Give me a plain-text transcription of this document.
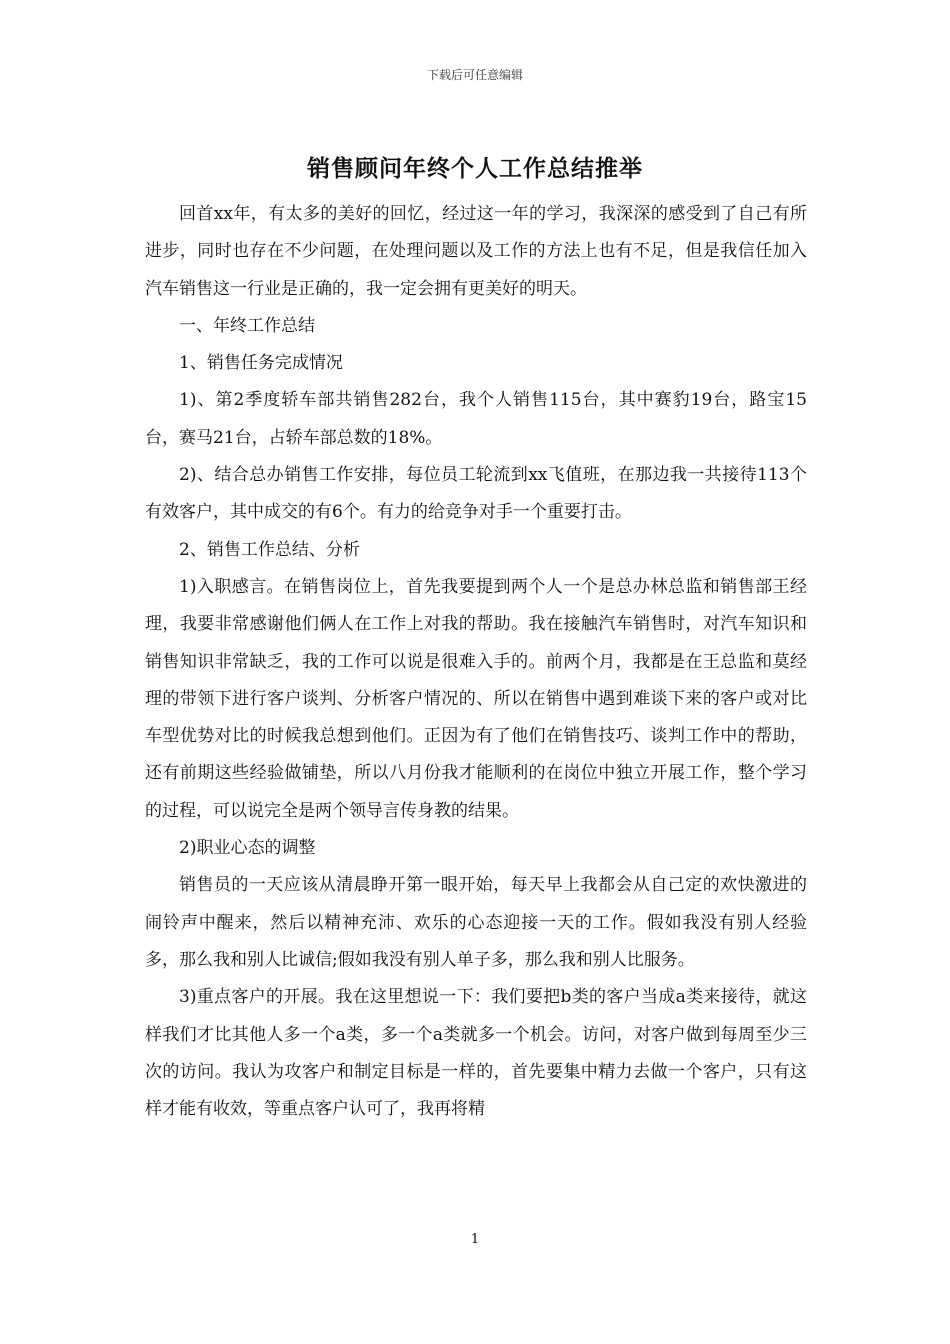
下载后可任意编辑
销售顾问年终个人工作总结推举

回首xx年，有太多的美好的回忆，经过这一年的学习，我深深的感受到了自己有所进步，同时也存在不少问题，在处理问题以及工作的方法上也有不足，但是我信任加入汽车销售这一行业是正确的，我一定会拥有更美好的明天。

一、年终工作总结

1、销售任务完成情况

1)、第2季度轿车部共销售282台，我个人销售115台，其中赛豹19台，路宝15台，赛马21台，占轿车部总数的18%。

2)、结合总办销售工作安排，每位员工轮流到xx飞值班，在那边我一共接待113个有效客户，其中成交的有6个。有力的给竞争对手一个重要打击。

2、销售工作总结、分析

1)入职感言。在销售岗位上，首先我要提到两个人一个是总办林总监和销售部王经理，我要非常感谢他们俩人在工作上对我的帮助。我在接触汽车销售时，对汽车知识和销售知识非常缺乏，我的工作可以说是很难入手的。前两个月，我都是在王总监和莫经理的带领下进行客户谈判、分析客户情况的、所以在销售中遇到难谈下来的客户或对比车型优势对比的时候我总想到他们。正因为有了他们在销售技巧、谈判工作中的帮助，还有前期这些经验做铺垫，所以八月份我才能顺利的在岗位中独立开展工作，整个学习的过程，可以说完全是两个领导言传身教的结果。

2)职业心态的调整

销售员的一天应该从清晨睁开第一眼开始，每天早上我都会从自己定的欢快激进的闹铃声中醒来，然后以精神充沛、欢乐的心态迎接一天的工作。假如我没有别人经验多，那么我和别人比诚信;假如我没有别人单子多，那么我和别人比服务。

3)重点客户的开展。我在这里想说一下：我们要把b类的客户当成a类来接待，就这样我们才比其他人多一个a类，多一个a类就多一个机会。访问，对客户做到每周至少三次的访问。我认为攻客户和制定目标是一样的，首先要集中精力去做一个客户，只有这样才能有收效，等重点客户认可了，我再将精

1
